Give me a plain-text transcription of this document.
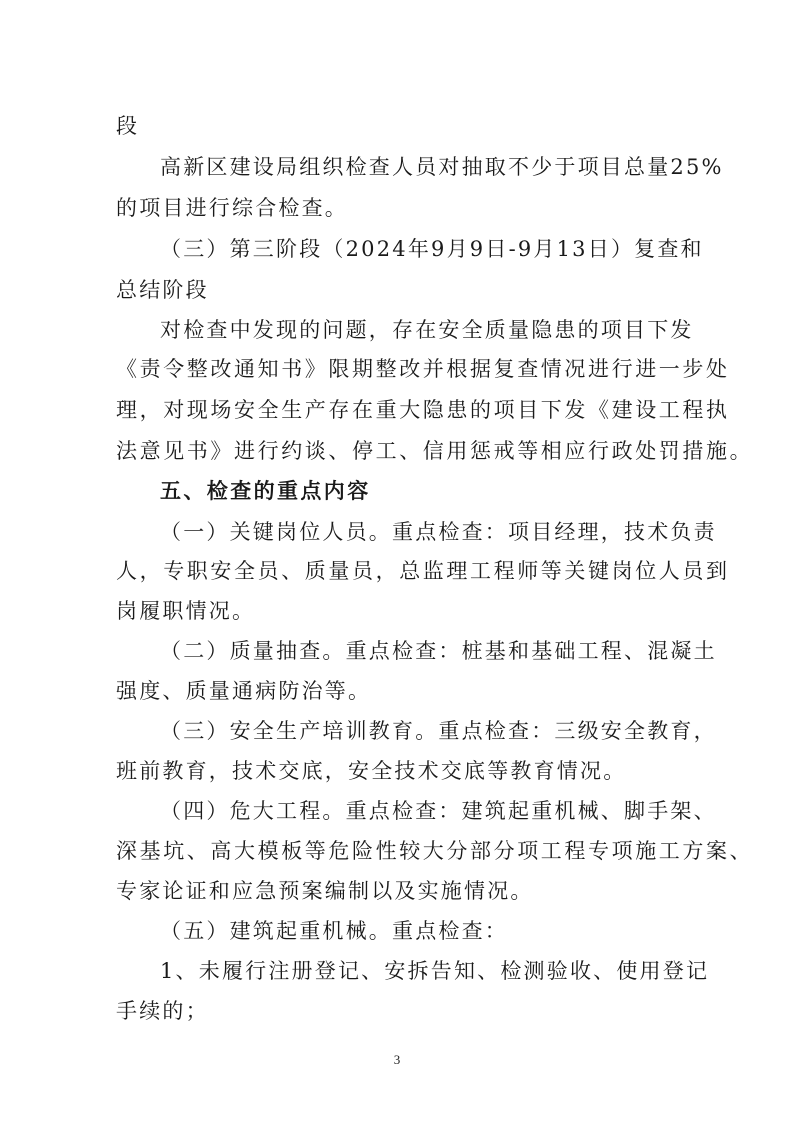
段
高新区建设局组织检查人员对抽取不少于项目总量25%
的项目进行综合检查。
（三）第三阶段（2024年9月9日-9月13日）复查和
总结阶段
对检查中发现的问题，存在安全质量隐患的项目下发
《责令整改通知书》限期整改并根据复查情况进行进一步处
理，对现场安全生产存在重大隐患的项目下发《建设工程执
法意见书》进行约谈、停工、信用惩戒等相应行政处罚措施。
五、检查的重点内容
（一）关键岗位人员。重点检查：项目经理，技术负责
人，专职安全员、质量员，总监理工程师等关键岗位人员到
岗履职情况。
（二）质量抽查。重点检查：桩基和基础工程、混凝土
强度、质量通病防治等。
（三）安全生产培训教育。重点检查：三级安全教育，
班前教育，技术交底，安全技术交底等教育情况。
（四）危大工程。重点检查：建筑起重机械、脚手架、
深基坑、高大模板等危险性较大分部分项工程专项施工方案、
专家论证和应急预案编制以及实施情况。
（五）建筑起重机械。重点检查：
1、未履行注册登记、安拆告知、检测验收、使用登记
手续的；
3
